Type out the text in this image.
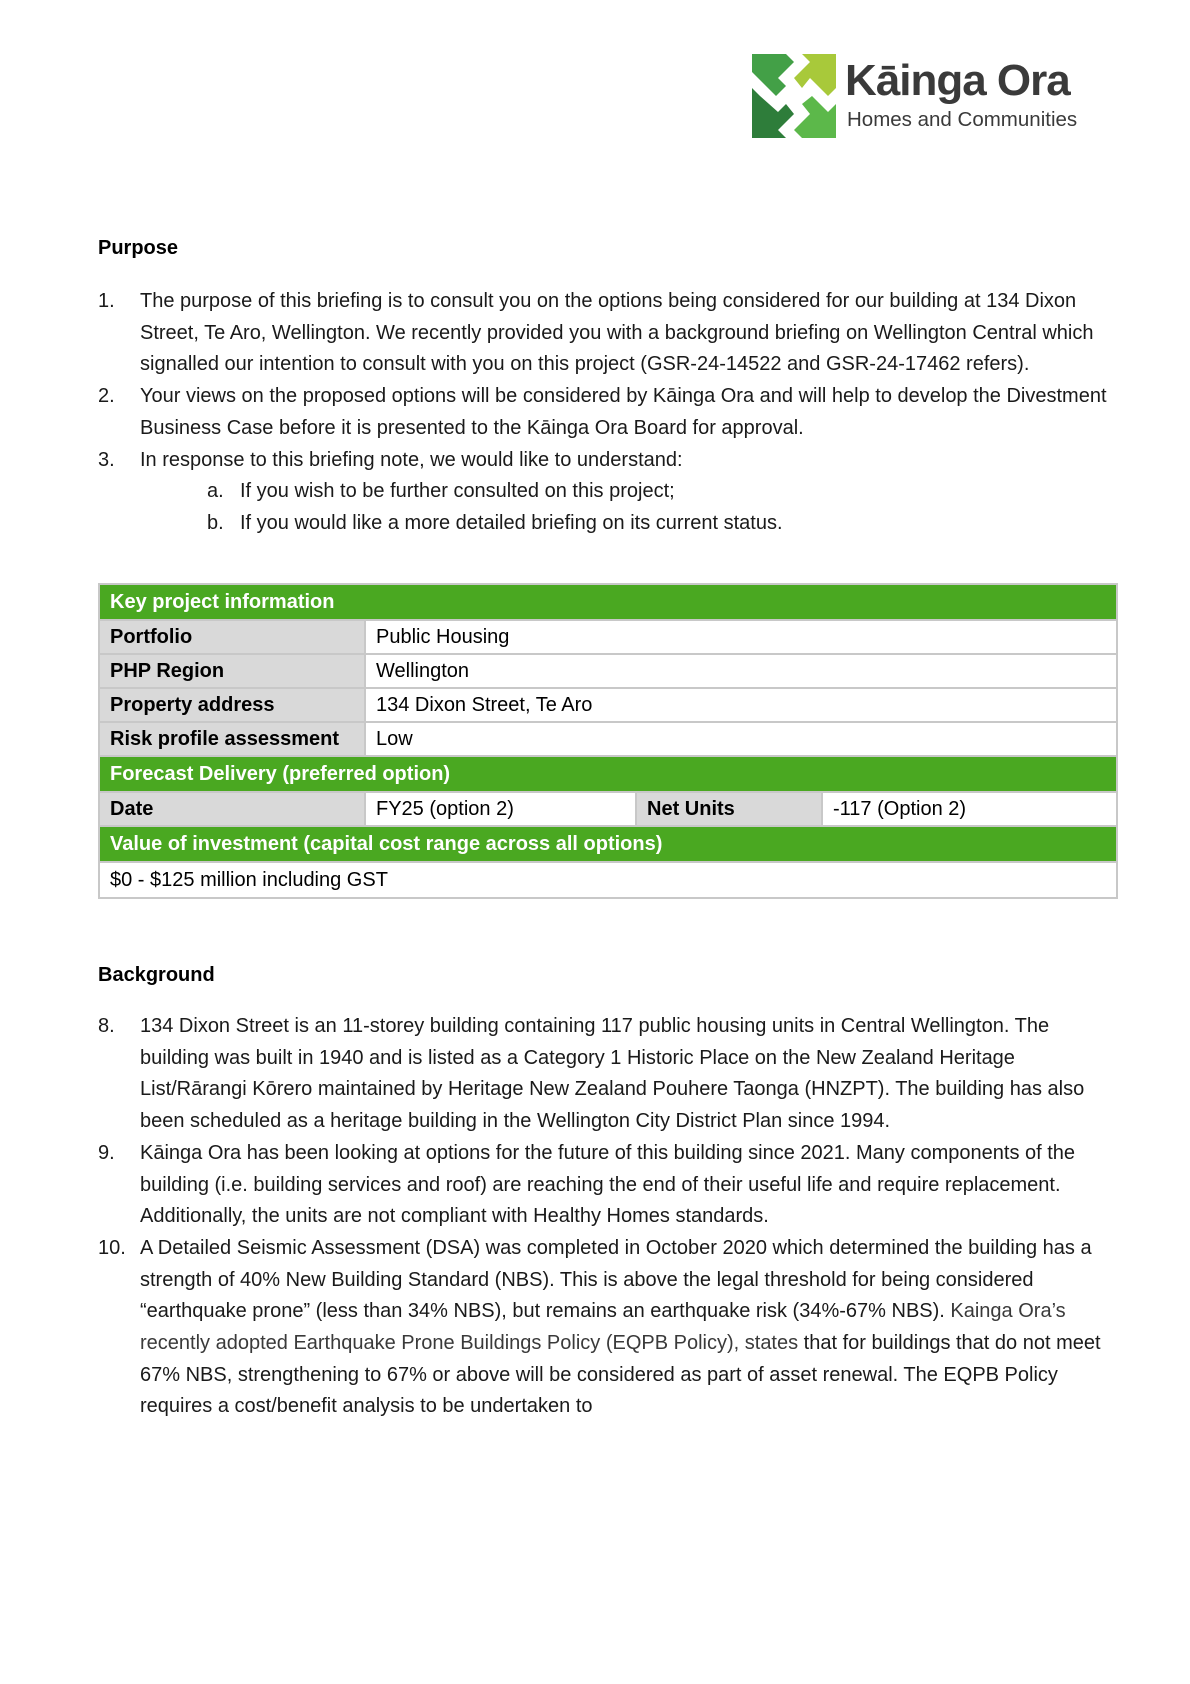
Kāinga Ora
Homes and Communities
Purpose
1.	The purpose of this briefing is to consult you on the options being considered for our building at 134 Dixon Street, Te Aro, Wellington. We recently provided you with a background briefing on Wellington Central which signalled our intention to consult with you on this project (GSR-24-14522 and GSR-24-17462 refers).
2.	Your views on the proposed options will be considered by Kāinga Ora and will help to develop the Divestment Business Case before it is presented to the Kāinga Ora Board for approval.
3.	In response to this briefing note, we would like to understand:
a. If you wish to be further consulted on this project;
b. If you would like a more detailed briefing on its current status.
Key project information			
Portfolio	Public Housing		
PHP Region	Wellington		
Property address	134 Dixon Street, Te Aro		
Risk profile assessment	Low		
Forecast Delivery (preferred option)			
Date	FY25 (option 2)	Net Units	-117 (Option 2)
Value of investment (capital cost range across all options)			
$0 - $125 million including GST			
Background
8.	134 Dixon Street is an 11-storey building containing 117 public housing units in Central Wellington. The building was built in 1940 and is listed as a Category 1 Historic Place on the New Zealand Heritage List/Rārangi Kōrero maintained by Heritage New Zealand Pouhere Taonga (HNZPT). The building has also been scheduled as a heritage building in the Wellington City District Plan since 1994.
9.	Kāinga Ora has been looking at options for the future of this building since 2021. Many components of the building (i.e. building services and roof) are reaching the end of their useful life and require replacement. Additionally, the units are not compliant with Healthy Homes standards.
10. A Detailed Seismic Assessment (DSA) was completed in October 2020 which determined the building has a strength of 40% New Building Standard (NBS). This is above the legal threshold for being considered “earthquake prone” (less than 34% NBS), but remains an earthquake risk (34%-67% NBS). Kainga Ora’s recently adopted Earthquake Prone Buildings Policy (EQPB Policy), states that for buildings that do not meet 67% NBS, strengthening to 67% or above will be considered as part of asset renewal. The EQPB Policy requires a cost/benefit analysis to be undertaken to
